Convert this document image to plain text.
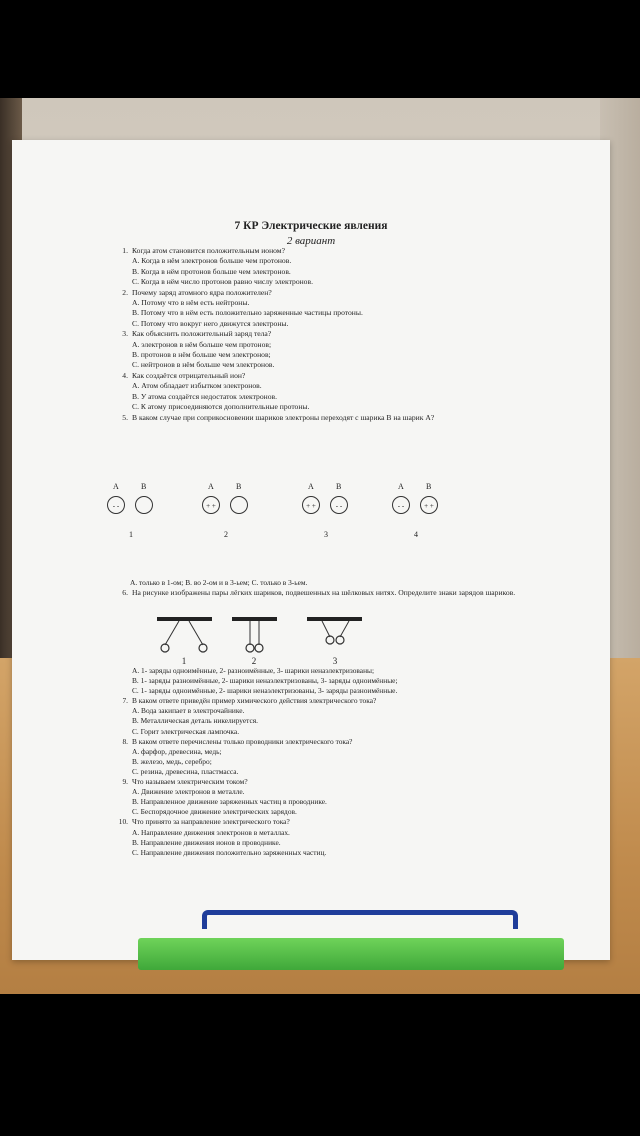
7 КР Электрические явления
2 вариант
1. Когда атом становится положительным ионом?
А. Когда в нём электронов больше чем протонов.
В. Когда в нём протонов больше чем электронов.
С. Когда в нём число протонов равно числу электронов.
2. Почему заряд атомного ядра положителен?
А. Потому что в нём есть нейтроны.
В. Потому что в нём есть положительно заряженные частицы протоны.
С. Потому что вокруг него движутся электроны.
3. Как объяснить положительный заряд тела?
А. электронов в нём больше чем протонов;
В. протонов в нём больше чем электронов;
С. нейтронов в нём больше чем электронов.
4. Как создаётся отрицательный ион?
А. Атом обладает избытком электронов.
В. У атома создаётся недостаток электронов.
С. К атому присоединяются дополнительные протоны.
5. В каком случае при соприкосновении шариков электроны переходят с шарика В на шарик А?
A
- -
B
1
A
+ +
B
2
A
+ +
B
- -
3
A
- -
B
+ +
4
А. только в 1-ом; В. во 2-ом и в 3-ьем; С. только в 3-ьем.
6. На рисунке изображены пары лёгких шариков, подвешенных на шёлковых нитях. Определите знаки зарядов шариков.
1	2	3
А. 1- заряды одноимённые, 2- разноимённые, 3- шарики ненаэлектризованы;
В. 1- заряды разноимённые, 2- шарики ненаэлектризованы, 3- заряды одноимённые;
С. 1- заряды одноимённые, 2- шарики ненаэлектризованы, 3- заряды разноимённые.
7. В каком ответе приведён пример химического действия электрического тока?
А. Вода закипает в электрочайнике.
В. Металлическая деталь никелируется.
С. Горит электрическая лампочка.
8. В каком ответе перечислены только проводники электрического тока?
А. фарфор, древесина, медь;
В. железо, медь, серебро;
С. резина, древесина, пластмасса.
9. Что называем электрическим током?
А. Движение электронов в металле.
В. Направленное движение заряженных частиц в проводнике.
С. Беспорядочное движение электрических зарядов.
10. Что принято за направление электрического тока?
А. Направление движения электронов в металлах.
В. Направление движения ионов в проводнике.
С. Направление движения положительно заряженных частиц.
